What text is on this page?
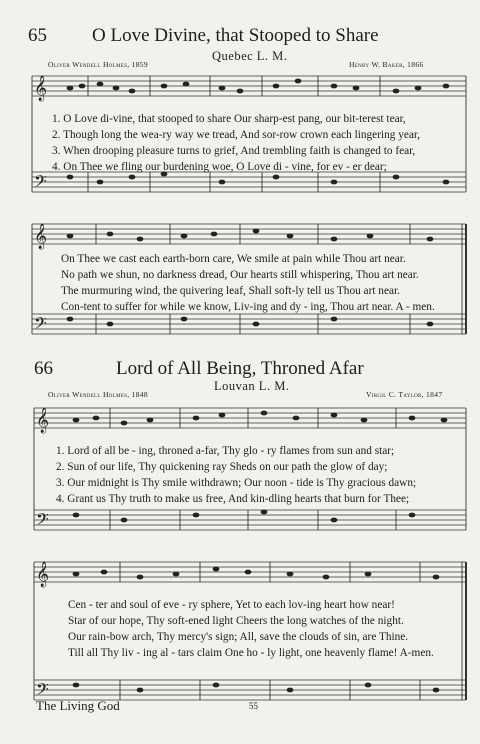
65 O Love Divine, that Stooped to Share
Quebec L. M.
Oliver Wendell Holmes, 1859	Henry W. Baker, 1866
𝄞
𝄢
𝄞
𝄢
1. O Love di-vine, that stooped to share Our sharp-est pang, our bit-terest tear,
2. Though long the wea-ry way we tread, And sor-row crown each lingering year,
3. When drooping pleasure turns to grief, And trembling faith is changed to fear,
4. On Thee we fling our burdening woe, O Love di - vine, for ev - er dear;
On Thee we cast each earth-born care, We smile at pain while Thou art near.
No path we shun, no darkness dread, Our hearts still whispering, Thou art near.
The murmuring wind, the quivering leaf, Shall soft-ly tell us Thou art near.
Con-tent to suffer for while we know, Liv-ing and dy - ing, Thou art near. A - men.
66	Lord of All Being, Throned Afar
Louvan L. M.
Oliver Wendell Holmes, 1848	Virgil C. Taylor, 1847
𝄞
𝄢
𝄞
𝄢
1. Lord of all be - ing, throned a-far, Thy glo - ry flames from sun and star;
2. Sun of our life, Thy quickening ray Sheds on our path the glow of day;
3. Our midnight is Thy smile withdrawn; Our noon - tide is Thy gracious dawn;
4. Grant us Thy truth to make us free, And kin-dling hearts that burn for Thee;
Cen - ter and soul of eve - ry sphere, Yet to each lov-ing heart how near!
Star of our hope, Thy soft-ened light Cheers the long watches of the night.
Our rain-bow arch, Thy mercy's sign; All, save the clouds of sin, are Thine.
Till all Thy liv - ing al - tars claim One ho - ly light, one heavenly flame! A-men.
The Living God	55
